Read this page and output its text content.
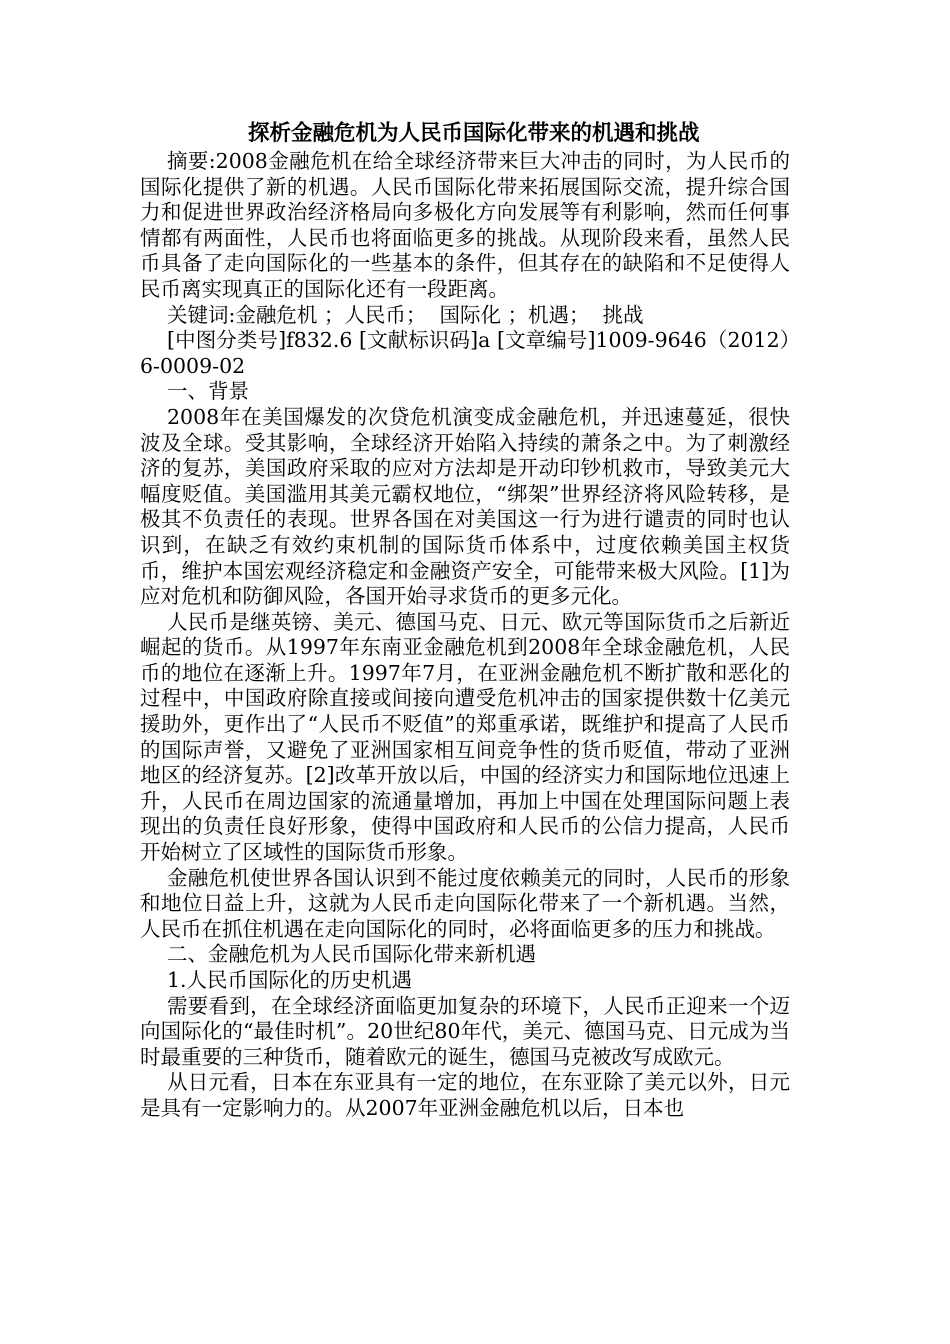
探析金融危机为人民币国际化带来的机遇和挑战

摘要:2008金融危机在给全球经济带来巨大冲击的同时，为人民币的国际化提供了新的机遇。人民币国际化带来拓展国际交流，提升综合国力和促进世界政治经济格局向多极化方向发展等有利影响，然而任何事情都有两面性，人民币也将面临更多的挑战。从现阶段来看，虽然人民币具备了走向国际化的一些基本的条件，但其存在的缺陷和不足使得人民币离实现真正的国际化还有一段距离。

关键词:金融危机 ；人民币；  国际化 ；机遇；  挑战

[中图分类号]f832.6 [文献标识码]a [文章编号]1009-9646（2012）6-0009-02

一、背景

2008年在美国爆发的次贷危机演变成金融危机，并迅速蔓延，很快波及全球。受其影响，全球经济开始陷入持续的萧条之中。为了刺激经济的复苏，美国政府采取的应对方法却是开动印钞机救市，导致美元大幅度贬值。美国滥用其美元霸权地位，“绑架”世界经济将风险转移，是极其不负责任的表现。世界各国在对美国这一行为进行谴责的同时也认识到，在缺乏有效约束机制的国际货币体系中，过度依赖美国主权货币，维护本国宏观经济稳定和金融资产安全，可能带来极大风险。[1]为应对危机和防御风险，各国开始寻求货币的更多元化。

人民币是继英镑、美元、德国马克、日元、欧元等国际货币之后新近崛起的货币。从1997年东南亚金融危机到2008年全球金融危机，人民币的地位在逐渐上升。1997年7月，在亚洲金融危机不断扩散和恶化的过程中，中国政府除直接或间接向遭受危机冲击的国家提供数十亿美元援助外，更作出了“人民币不贬值”的郑重承诺，既维护和提高了人民币的国际声誉，又避免了亚洲国家相互间竞争性的货币贬值，带动了亚洲地区的经济复苏。[2]改革开放以后，中国的经济实力和国际地位迅速上升，人民币在周边国家的流通量增加，再加上中国在处理国际问题上表现出的负责任良好形象，使得中国政府和人民币的公信力提高，人民币开始树立了区域性的国际货币形象。

金融危机使世界各国认识到不能过度依赖美元的同时，人民币的形象和地位日益上升，这就为人民币走向国际化带来了一个新机遇。当然，人民币在抓住机遇在走向国际化的同时，必将面临更多的压力和挑战。

二、金融危机为人民币国际化带来新机遇

1.人民币国际化的历史机遇

需要看到，在全球经济面临更加复杂的环境下，人民币正迎来一个迈向国际化的“最佳时机”。20世纪80年代，美元、德国马克、日元成为当时最重要的三种货币，随着欧元的诞生，德国马克被改写成欧元。

从日元看，日本在东亚具有一定的地位，在东亚除了美元以外，日元是具有一定影响力的。从2007年亚洲金融危机以后，日本也
